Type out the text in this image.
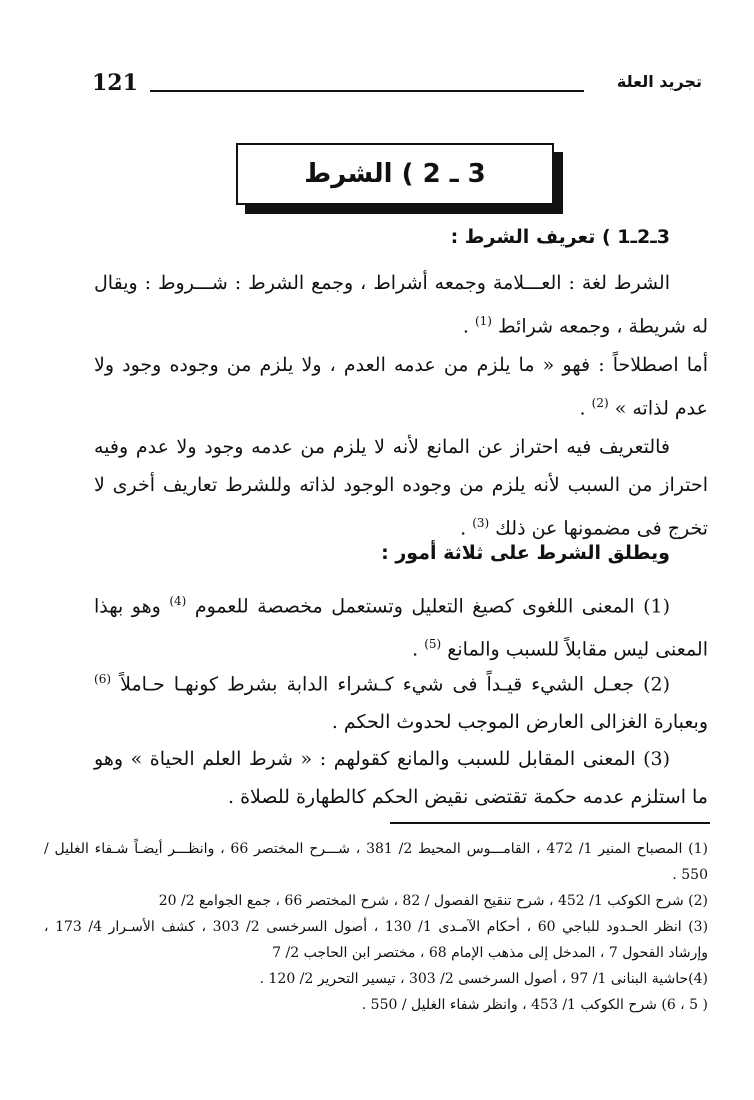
121	تجريد العلة
3 ـ 2 ) الشرط
3ـ2ـ1 ) تعريف الشرط :
الشرط لغة : العـــلامة وجمعه أشراط ، وجمع الشرط : شـــروط : ويقال له شريطة ، وجمعه شرائط $^{(1)}$ .
أما اصطلاحاً : فهو « ما يلزم من عدمه العدم ، ولا يلزم من وجوده وجود ولا عدم لذاته » $^{(2)}$ .
فالتعريف فيه احتراز عن المانع لأنه لا يلزم من عدمه وجود ولا عدم وفيه احتراز من السبب لأنه يلزم من وجوده الوجود لذاته وللشرط تعاريف أخرى لا تخرج فى مضمونها عن ذلك $^{(3)}$ .
ويطلق الشرط على ثلاثة أمور :
(1) المعنى اللغوى كصيغ التعليل وتستعمل مخصصة للعموم $^{(4)}$ وهو بهذا المعنى ليس مقابلاً للسبب والمانع $^{(5)}$ .
(2) جعـل الشيء قيـداً فى شيء كـشراء الدابة بشرط كونهـا حـاملاً $^{(6)}$ وبعبارة الغزالى العارض الموجب لحدوث الحكم .
(3) المعنى المقابل للسبب والمانع كقولهم : « شرط العلم الحياة » وهو ما استلزم عدمه حكمة تقتضى نقيض الحكم كالطهارة للصلاة .

(1) المصباح المنير 1/ 472 ، القامـــوس المحيط 2/ 381 ، شـــرح المختصر 66 ، وانظـــر أيضـاً شـفاء الغليل / 550 .

(2) شرح الكوكب 1/ 452 ، شرح تنقيح الفصول / 82 ، شرح المختصر 66 ، جمع الجوامع 2/ 20

(3) انظر الحـدود للباجي 60 ، أحكام الآمـدى 1/ 130 ، أصول السرخسى 2/ 303 ، كشف الأسـرار 4/ 173 ، وإرشاد الفحول 7 ، المدخل إلى مذهب الإمام 68 ، مختصر ابن الحاجب 2/ 7

(4)حاشية البنانى 1/ 97 ، أصول السرخسى 2/ 303 ، تيسير التحرير 2/ 120 .

( 5 ، 6) شرح الكوكب 1/ 453 ، وانظر شفاء الغليل / 550 .
